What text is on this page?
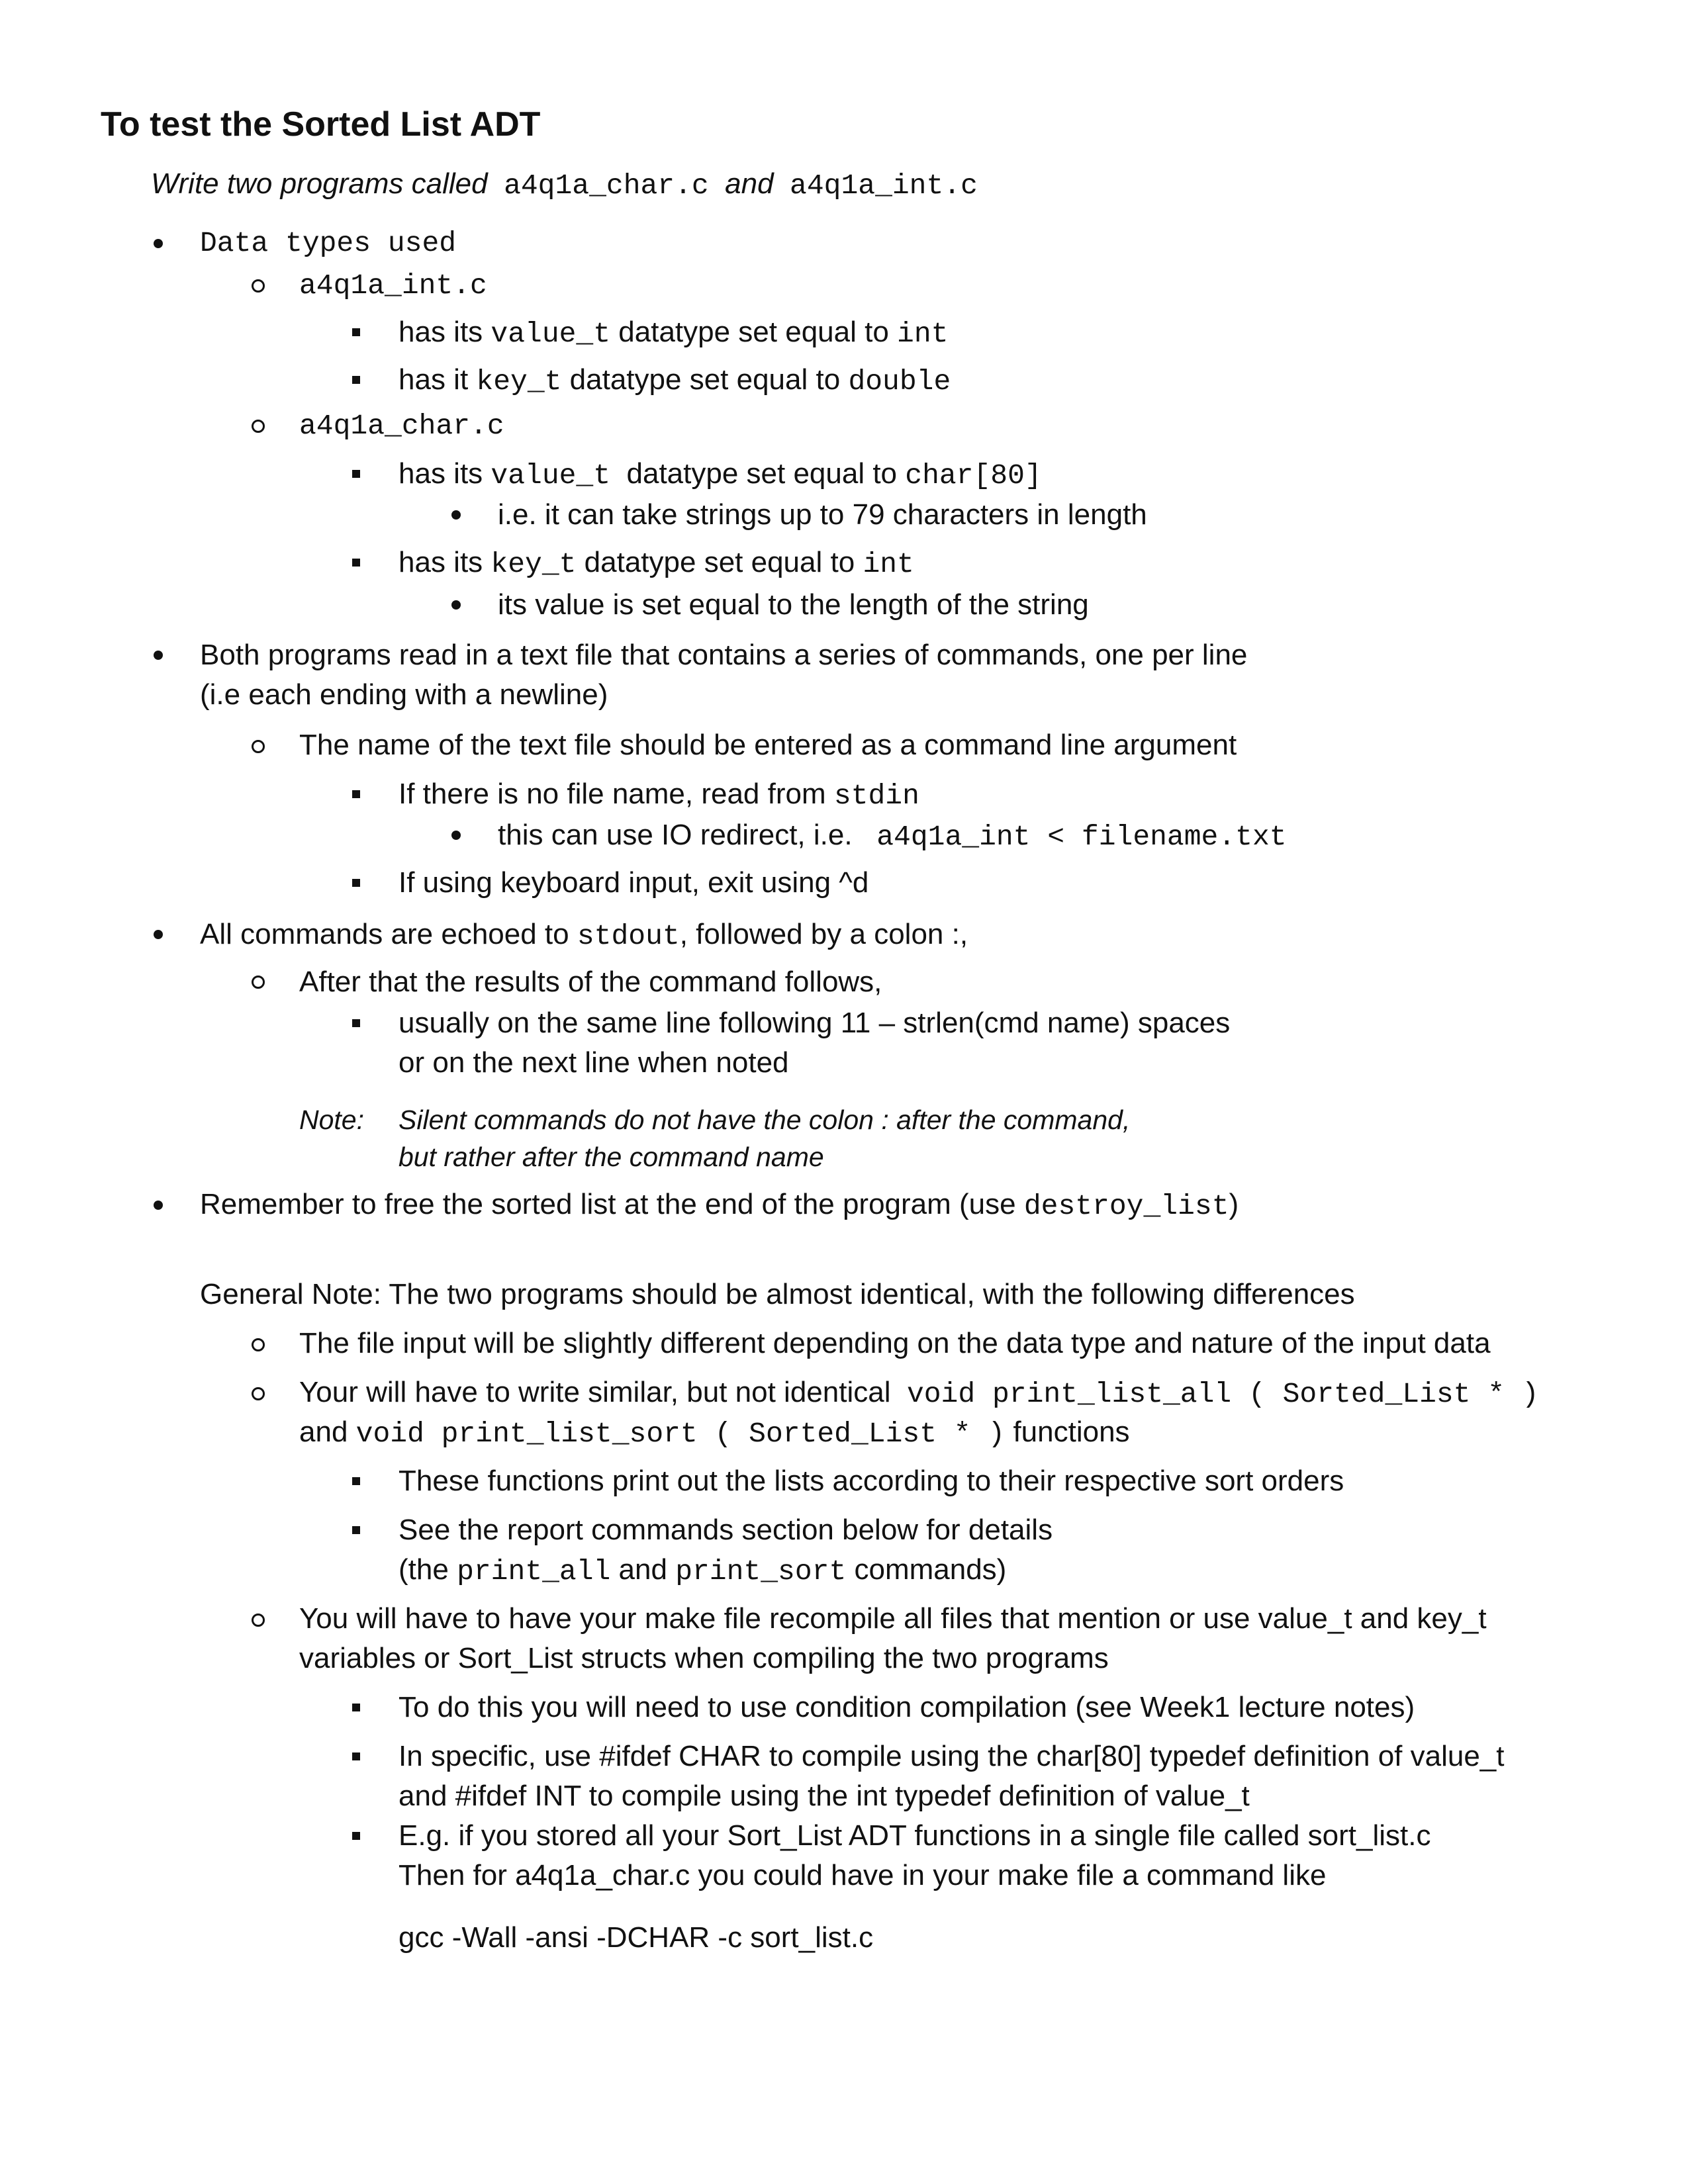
To test the Sorted List ADT
Write two programs called a4q1a_char.c and a4q1a_int.c
Data types used
a4q1a_int.c
has its value_t datatype set equal to int
has it key_t datatype set equal to double
a4q1a_char.c
has its value_t datatype set equal to char[80]
i.e. it can take strings up to 79 characters in length
has its key_t datatype set equal to int
its value is set equal to the length of the string
Both programs read in a text file that contains a series of commands, one per line
(i.e each ending with a newline)
The name of the text file should be entered as a command line argument
If there is no file name, read from stdin
this can use IO redirect, i.e. a4q1a_int < filename.txt
If using keyboard input, exit using ^d
All commands are echoed to stdout, followed by a colon :,
After that the results of the command follows,
usually on the same line following 11 – strlen(cmd name) spaces
or on the next line when noted
Note: Silent commands do not have the colon : after the command,
but rather after the command name
Remember to free the sorted list at the end of the program (use destroy_list)
General Note: The two programs should be almost identical, with the following differences
The file input will be slightly different depending on the data type and nature of the input data
Your will have to write similar, but not identical void print_list_all ( Sorted_List * )
and void print_list_sort ( Sorted_List * ) functions
These functions print out the lists according to their respective sort orders
See the report commands section below for details
(the print_all and print_sort commands)
You will have to have your make file recompile all files that mention or use value_t and key_t
variables or Sort_List structs when compiling the two programs
To do this you will need to use condition compilation (see Week1 lecture notes)
In specific, use #ifdef CHAR to compile using the char[80] typedef definition of value_t
and #ifdef INT to compile using the int typedef definition of value_t
E.g. if you stored all your Sort_List ADT functions in a single file called sort_list.c
Then for a4q1a_char.c you could have in your make file a command like
gcc -Wall -ansi -DCHAR -c sort_list.c
